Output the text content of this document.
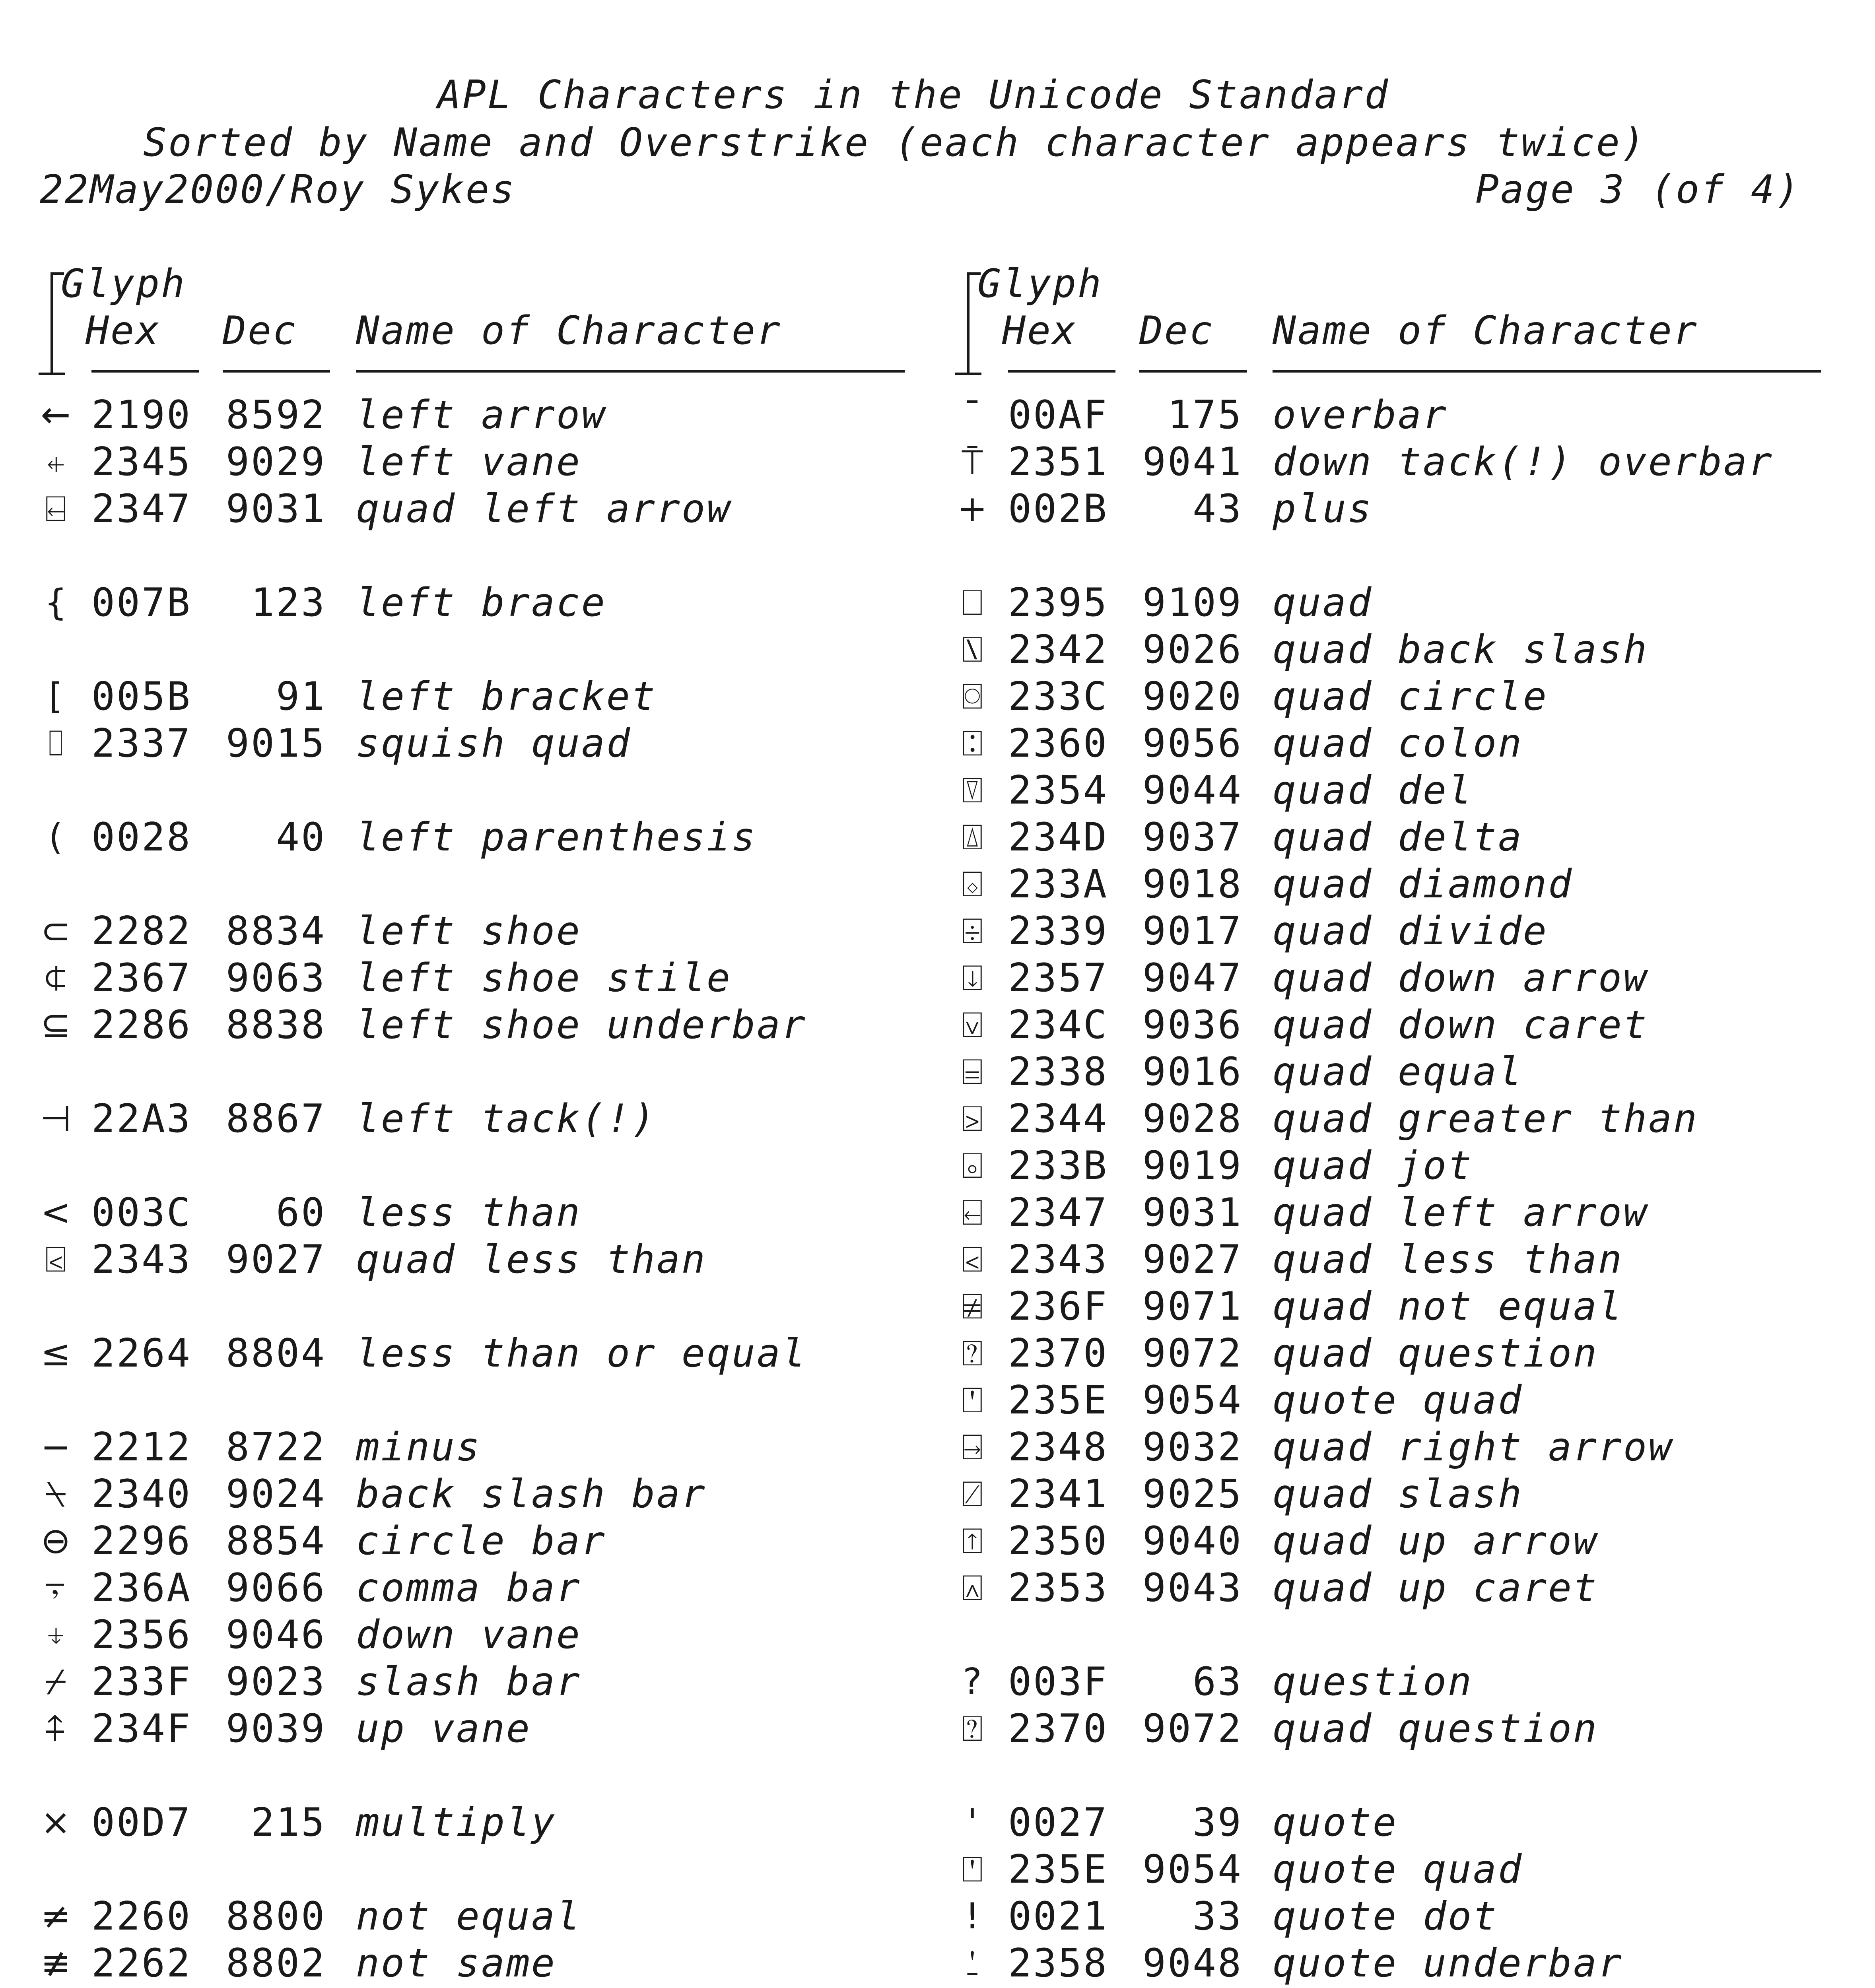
APL Characters in the Unicode Standard
Sorted by Name and Overstrike (each character appears twice)
22May2000/Roy Sykes	Page 3 (of 4)
Glyph
Hex Dec Name of Character
← 2190 8592 left arrow
⍅ 2345 9029 left vane
⍇ 2347 9031 quad left arrow
{ 007B	123 left brace
[ 005B	91 left bracket
⌷ 2337 9015 squish quad
( 0028	40 left parenthesis
⊂ 2282 8834 left shoe
⍧ 2367 9063 left shoe stile
⊆ 2286 8838 left shoe underbar
⊣ 22A3 8867 left tack(!)
< 003C	60 less than
⍃ 2343 9027 quad less than
≤ 2264 8804 less than or equal
− 2212 8722 minus
⍀ 2340 9024 back slash bar
⊖ 2296 8854 circle bar
⍪ 236A 9066 comma bar
⍖ 2356 9046 down vane
⌿ 233F 9023 slash bar
⍏ 234F 9039 up vane
× 00D7	215 multiply
≠ 2260 8800 not equal
≢ 2262 8802 not same
Glyph
Hex Dec Name of Character
¯ 00AF	175 overbar
⍑ 2351 9041 down tack(!) overbar
+ 002B	43 plus
⎕ 2395 9109 quad
⍂ 2342 9026 quad back slash
⌼ 233C 9020 quad circle
⍠ 2360 9056 quad colon
⍔ 2354 9044 quad del
⍍ 234D 9037 quad delta
⌺ 233A 9018 quad diamond
⌹ 2339 9017 quad divide
⍗ 2357 9047 quad down arrow
⍌ 234C 9036 quad down caret
⌸ 2338 9016 quad equal
⍄ 2344 9028 quad greater than
⌻ 233B 9019 quad jot
⍇ 2347 9031 quad left arrow
⍃ 2343 9027 quad less than
⍯ 236F 9071 quad not equal
⍰ 2370 9072 quad question
⍞ 235E 9054 quote quad
⍈ 2348 9032 quad right arrow
⍁ 2341 9025 quad slash
⍐ 2350 9040 quad up arrow
⍓ 2353 9043 quad up caret
? 003F	63 question
⍰ 2370 9072 quad question
' 0027	39 quote
⍞ 235E 9054 quote quad
! 0021	33 quote dot
⍘ 2358 9048 quote underbar
